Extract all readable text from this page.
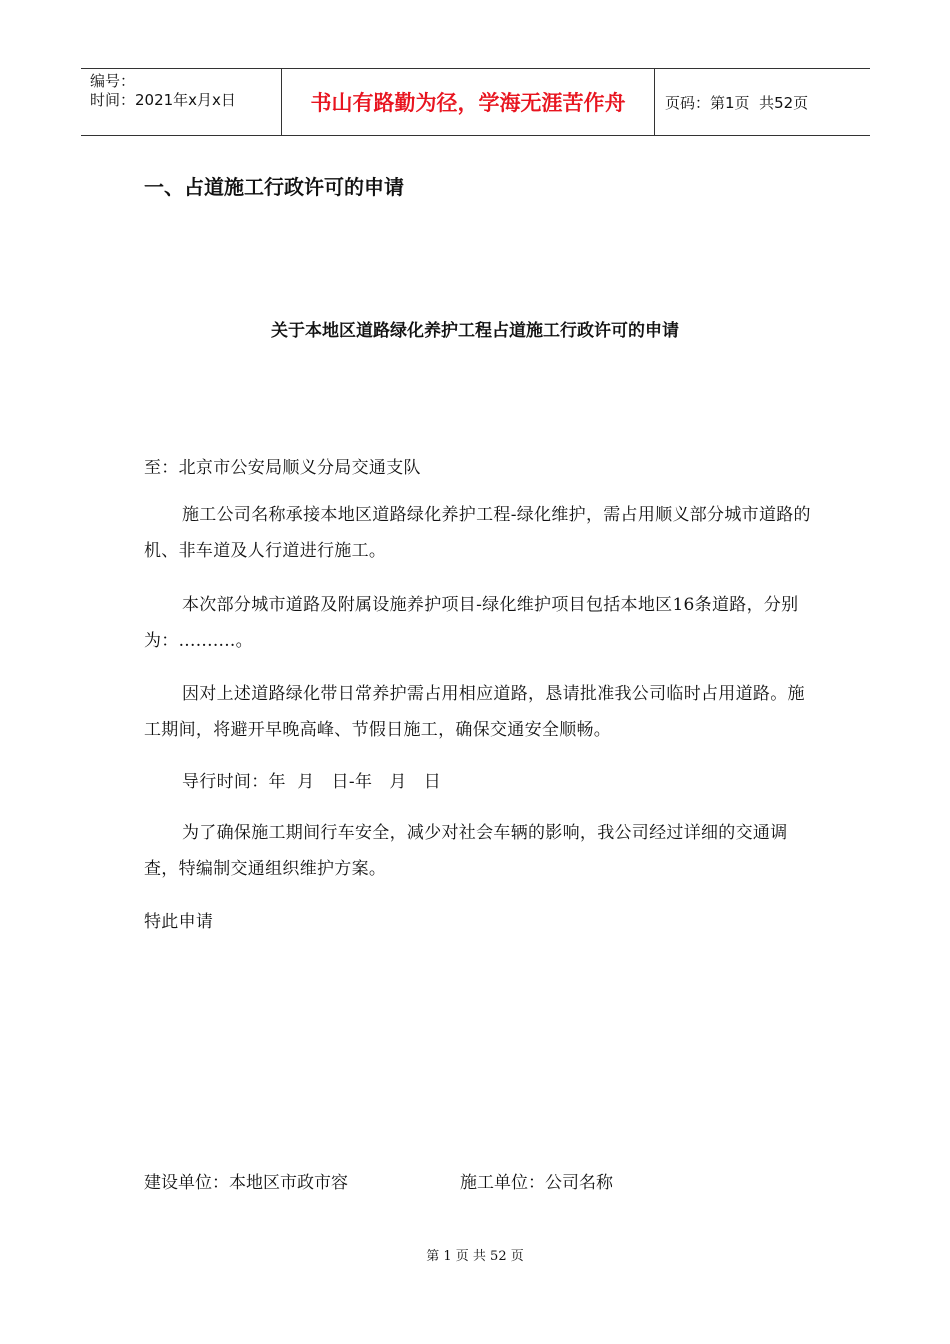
编号：
时间：2021年x月x日	书山有路勤为径，学海无涯苦作舟	页码：第1页  共52页
一、占道施工行政许可的申请
关于本地区道路绿化养护工程占道施工行政许可的申请
至：北京市公安局顺义分局交通支队
施工公司名称承接本地区道路绿化养护工程-绿化维护，需占用顺义部分城市道路的机、非车道及人行道进行施工。
本次部分城市道路及附属设施养护项目-绿化维护项目包括本地区16条道路，分别为：..........。
因对上述道路绿化带日常养护需占用相应道路，恳请批准我公司临时占用道路。施工期间，将避开早晚高峰、节假日施工，确保交通安全顺畅。
导行时间：年  月   日-年   月   日
为了确保施工期间行车安全，减少对社会车辆的影响，我公司经过详细的交通调查，特编制交通组织维护方案。
特此申请
建设单位：本地区市政市容	施工单位：公司名称
第 1 页 共 52 页
